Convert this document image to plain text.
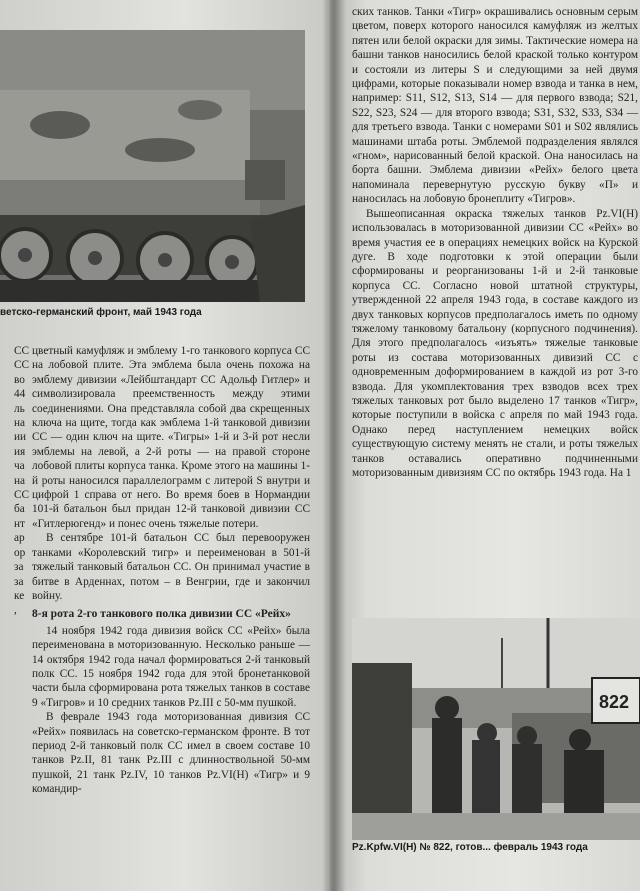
ветско-германский фронт, май 1943 года

СС

СС

во

44

ль

на

ии

ия

ча

на

СС

ба

нт

ар

ор

за

за

ке

,

цветный камуфляж и эмблему 1-го танкового корпуса СС на лобовой плите. Эта эмблема была очень похожа на эмблему дивизии «Лейбштандарт СС Адольф Гитлер» и символизировала преемственность между этими соединениями. Она представляла собой два скрещенных ключа на щите, тогда как эмблема 1-й танковой дивизии СС — один ключ на щите. «Тигры» 1-й и 3-й рот несли эмблемы на левой, а 2-й роты — на правой стороне лобовой плиты корпуса танка. Кроме этого на машины 1-й роты наносился параллелограмм с литерой S внутри и цифрой 1 справа от него. Во время боев в Нормандии 101-й батальон был придан 12-й танковой дивизии СС «Гитлерюгенд» и понес очень тяжелые потери.

В сентябре 101-й батальон СС был перевооружен танками «Королевский тигр» и переименован в 501-й тяжелый танковый батальон СС. Он принимал участие в битве в Арденнах, потом – в Венгрии, где и закончил войну.

8-я рота 2-го танкового полка дивизии СС «Рейх»

14 ноября 1942 года дивизия войск СС «Рейх» была переименована в моторизованную. Несколько раньше — 14 октября 1942 года начал формироваться 2-й танковый полк СС. 15 ноября 1942 года для этой бронетанковой части была сформирована рота тяжелых танков в составе 9 «Тигров» и 10 средних танков Pz.III с 50-мм пушкой.

В феврале 1943 года моторизованная дивизия СС «Рейх» появилась на советско-германском фронте. В тот период 2-й танковый полк СС имел в своем составе 10 танков Pz.II, 81 танк Pz.III с длинноствольной 50-мм пушкой, 21 танк Pz.IV, 10 танков Pz.VI(H) «Тигр» и 9 командир-

ских танков. Танки «Тигр» окрашивались основным серым цветом, поверх которого наносился камуфляж из желтых пятен или белой окраски для зимы. Тактические номера на башни танков наносились белой краской только контуром и состояли из литеры S и следующими за ней двумя цифрами, которые показывали номер взвода и танка в нем, например: S11, S12, S13, S14 — для первого взвода; S21, S22, S23, S24 — для второго взвода; S31, S32, S33, S34 — для третьего взвода. Танки с номерами S01 и S02 являлись машинами штаба роты. Эмблемой подразделения являлся «гном», нарисованный белой краской. Она наносилась на борта башни. Эмблема дивизии «Рейх» белого цвета напоминала перевернутую русскую букву «П» и наносилась на лобовую бронеплиту «Тигров».

Вышеописанная окраска тяжелых танков Pz.VI(H) использовалась в моторизованной дивизии СС «Рейх» во время участия ее в операциях немецких войск на Курской дуге. В ходе подготовки к этой операции были сформированы и реорганизованы 1-й и 2-й танковые корпуса СС. Согласно новой штатной структуры, утвержденной 22 апреля 1943 года, в составе каждого из двух танковых корпусов предполагалось иметь по одному тяжелому танковому батальону (корпусного подчинения). Для этого предполагалось «изъять» тяжелые танковые роты из состава моторизованных дивизий СС с одновременным доформированием в каждой из рот 3-го взвода. Для укомплектования трех взводов всех трех тяжелых танковых рот было выделено 17 танков «Тигр», которые поступили в войска с апреля по май 1943 года. Однако перед наступлением немецких войск существующую систему менять не стали, и роты тяжелых танков оставались оперативно подчиненными моторизованным дивизиям СС по октябрь 1943 года. На 1

822
Pz.Kpfw.VI(H) № 822, готов... февраль 1943 года
